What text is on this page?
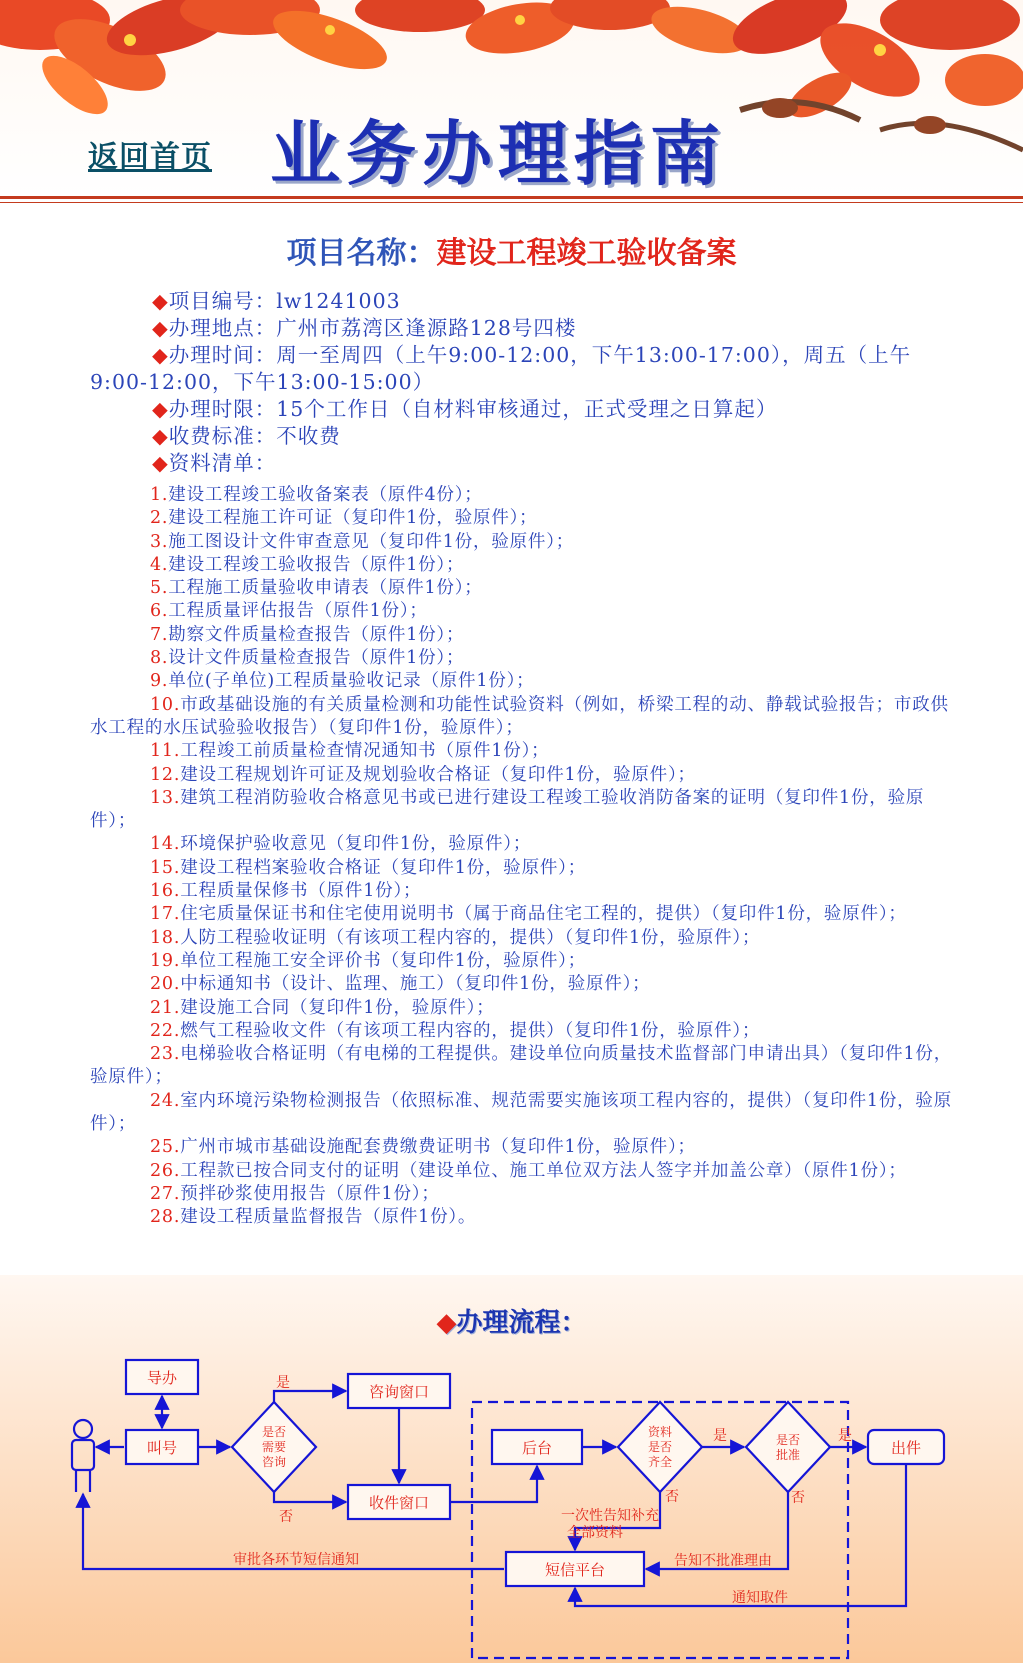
返回首页 业务办理指南
项目名称：建设工程竣工验收备案

◆项目编号：lw1241003

◆办理地点：广州市荔湾区逢源路128号四楼

◆办理时间：周一至周四（上午9:00-12:00，下午13:00-17:00），周五（上午9:00-12:00，下午13:00-15:00）

◆办理时限：15个工作日（自材料审核通过，正式受理之日算起）

◆收费标准：不收费

◆资料清单：

1.建设工程竣工验收备案表（原件4份）；

2.建设工程施工许可证（复印件1份，验原件）；

3.施工图设计文件审查意见（复印件1份，验原件）；

4.建设工程竣工验收报告（原件1份）；

5.工程施工质量验收申请表（原件1份）；

6.工程质量评估报告（原件1份）；

7.勘察文件质量检查报告（原件1份）；

8.设计文件质量检查报告（原件1份）；

9.单位(子单位)工程质量验收记录（原件1份）；

10.市政基础设施的有关质量检测和功能性试验资料（例如，桥梁工程的动、静载试验报告；市政供水工程的水压试验验收报告）（复印件1份，验原件）；

11.工程竣工前质量检查情况通知书（原件1份）；

12.建设工程规划许可证及规划验收合格证（复印件1份，验原件）；

13.建筑工程消防验收合格意见书或已进行建设工程竣工验收消防备案的证明（复印件1份，验原件）；

14.环境保护验收意见（复印件1份，验原件）；

15.建设工程档案验收合格证（复印件1份，验原件）；

16.工程质量保修书（原件1份）；

17.住宅质量保证书和住宅使用说明书（属于商品住宅工程的，提供）（复印件1份，验原件）；

18.人防工程验收证明（有该项工程内容的，提供）（复印件1份，验原件）；

19.单位工程施工安全评价书（复印件1份，验原件）；

20.中标通知书（设计、监理、施工）（复印件1份，验原件）；

21.建设施工合同（复印件1份，验原件）；

22.燃气工程验收文件（有该项工程内容的，提供）（复印件1份，验原件）；

23.电梯验收合格证明（有电梯的工程提供。建设单位向质量技术监督部门申请出具）（复印件1份，验原件）；

24.室内环境污染物检测报告（依照标准、规范需要实施该项工程内容的，提供）（复印件1份，验原件）；

25.广州市城市基础设施配套费缴费证明书（复印件1份，验原件）；

26.工程款已按合同支付的证明（建设单位、施工单位双方法人签字并加盖公章）（原件1份）；

27.预拌砂浆使用报告（原件1份）；

28.建设工程质量监督报告（原件1份）。

◆办理流程：
导办
叫号
是否
需要
咨询
咨询窗口
收件窗口
后台
资料
是否
齐全
是否
批准	出件
短信平台
是
否
是
否
是
否
一次性告知补充
全部资料
告知不批准理由
通知取件
审批各环节短信通知
